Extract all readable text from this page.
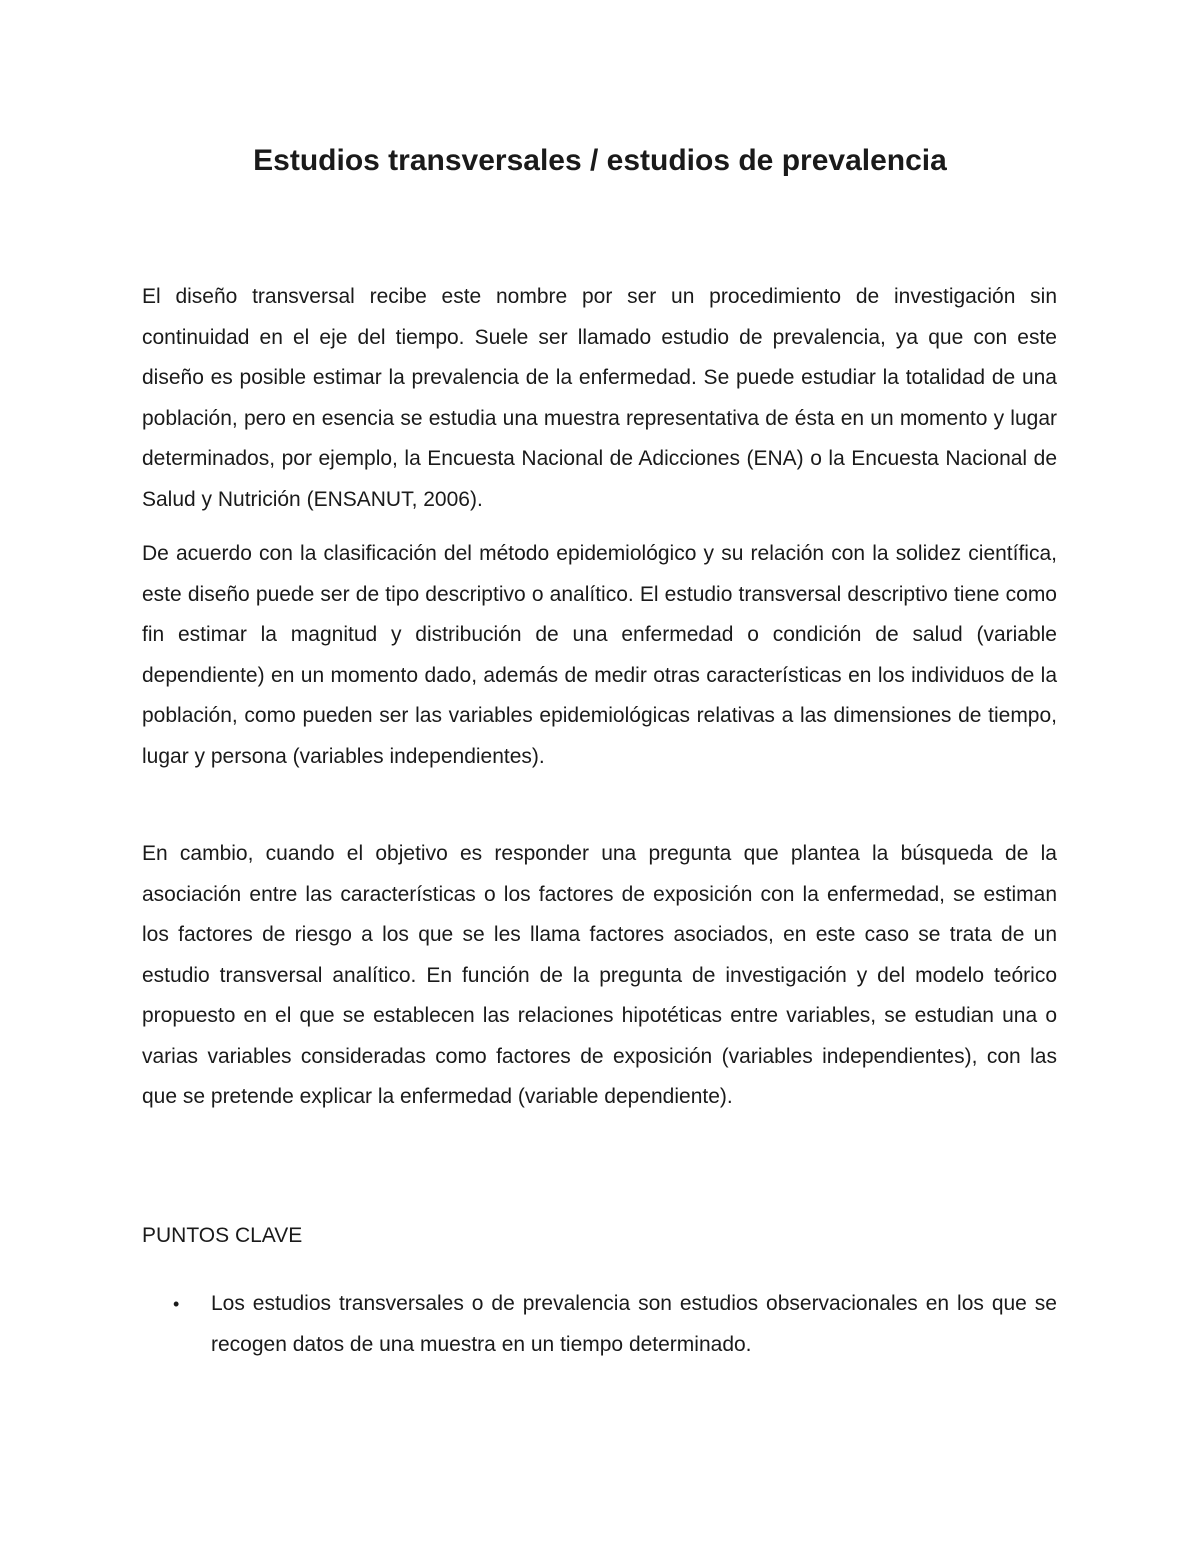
Estudios transversales / estudios de prevalencia

El diseño transversal recibe este nombre por ser un procedimiento de investigación sin continuidad en el eje del tiempo. Suele ser llamado estudio de prevalencia, ya que con este diseño es posible estimar la prevalencia de la enfermedad. Se puede estudiar la totalidad de una población, pero en esencia se estudia una muestra representativa de ésta en un momento y lugar determinados, por ejemplo, la Encuesta Nacional de Adicciones (ENA) o la Encuesta Nacional de Salud y Nutrición (ENSANUT, 2006).

De acuerdo con la clasificación del método epidemiológico y su relación con la solidez científica, este diseño puede ser de tipo descriptivo o analítico. El estudio transversal descriptivo tiene como fin estimar la magnitud y distribución de una enfermedad o condición de salud (variable dependiente) en un momento dado, además de medir otras características en los individuos de la población, como pueden ser las variables epidemiológicas relativas a las dimensiones de tiempo, lugar y persona (variables independientes).

En cambio, cuando el objetivo es responder una pregunta que plantea la búsqueda de la asociación entre las características o los factores de exposición con la enfermedad, se estiman los factores de riesgo a los que se les llama factores asociados, en este caso se trata de un estudio transversal analítico. En función de la pregunta de investigación y del modelo teórico propuesto en el que se establecen las relaciones hipotéticas entre variables, se estudian una o varias variables consideradas como factores de exposición (variables independientes), con las que se pretende explicar la enfermedad (variable dependiente).

PUNTOS CLAVE
• Los estudios transversales o de prevalencia son estudios observacionales en los que se recogen datos de una muestra en un tiempo determinado.
